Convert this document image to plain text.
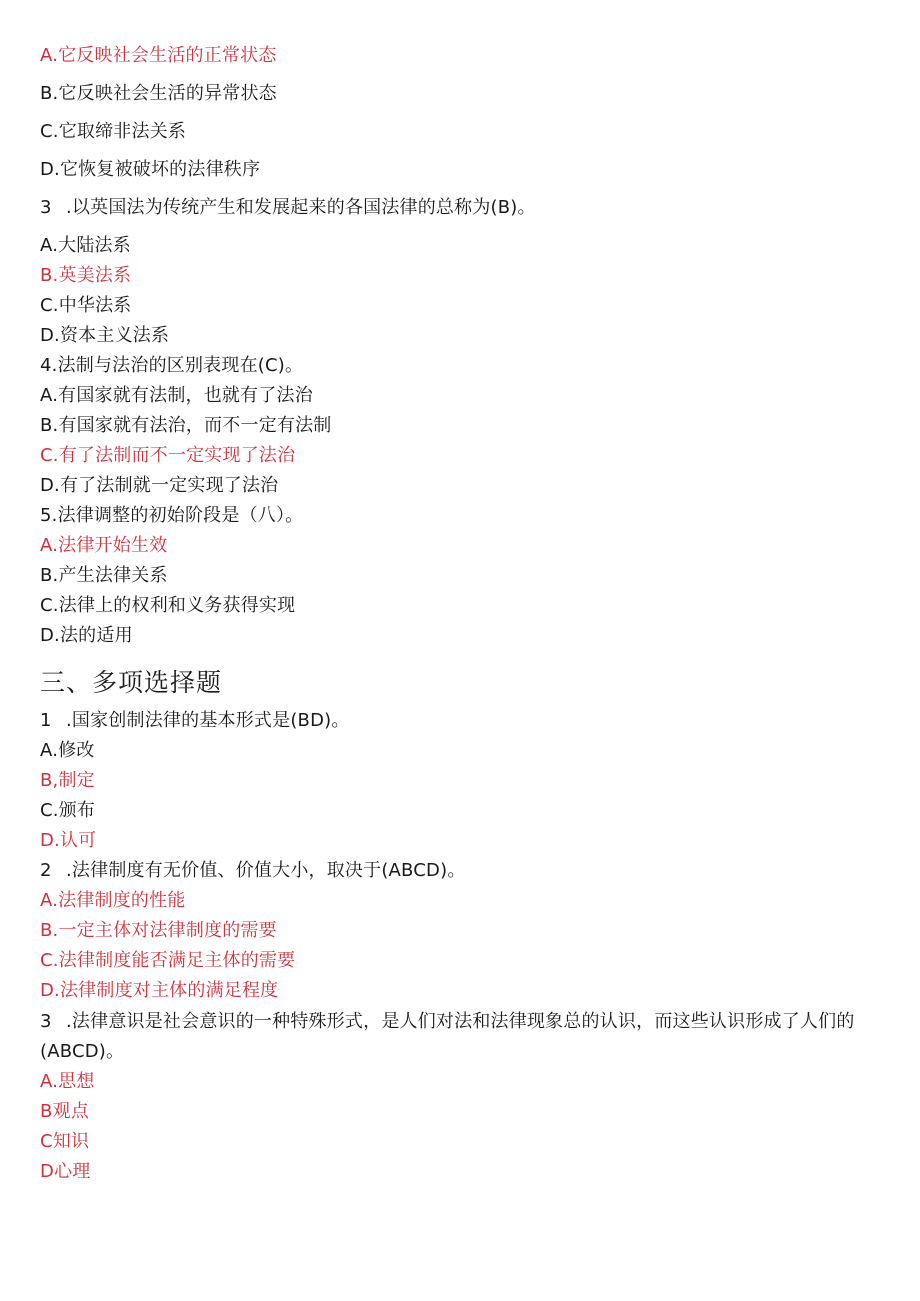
A.它反映社会生活的正常状态
B.它反映社会生活的异常状态
C.它取缔非法关系
D.它恢复被破坏的法律秩序
3 .以英国法为传统产生和发展起来的各国法律的总称为(B)。
A.大陆法系
B.英美法系
C.中华法系
D.资本主义法系
4.法制与法治的区别表现在(C)。
A.有国家就有法制，也就有了法治
B.有国家就有法治，而不一定有法制
C.有了法制而不一定实现了法治
D.有了法制就一定实现了法治
5.法律调整的初始阶段是（八）。
A.法律开始生效
B.产生法律关系
C.法律上的权利和义务获得实现
D.法的适用
三、多项选择题
1 .国家创制法律的基本形式是(BD)。
A.修改
B,制定
C.颁布
D.认可
2 .法律制度有无价值、价值大小，取决于(ABCD)。
A.法律制度的性能
B.一定主体对法律制度的需要
C.法律制度能否满足主体的需要
D.法律制度对主体的满足程度
3 .法律意识是社会意识的一种特殊形式，是人们对法和法律现象总的认识，而这些认识形成了人们的
(ABCD)。
A.思想
B观点
C知识
D心理
